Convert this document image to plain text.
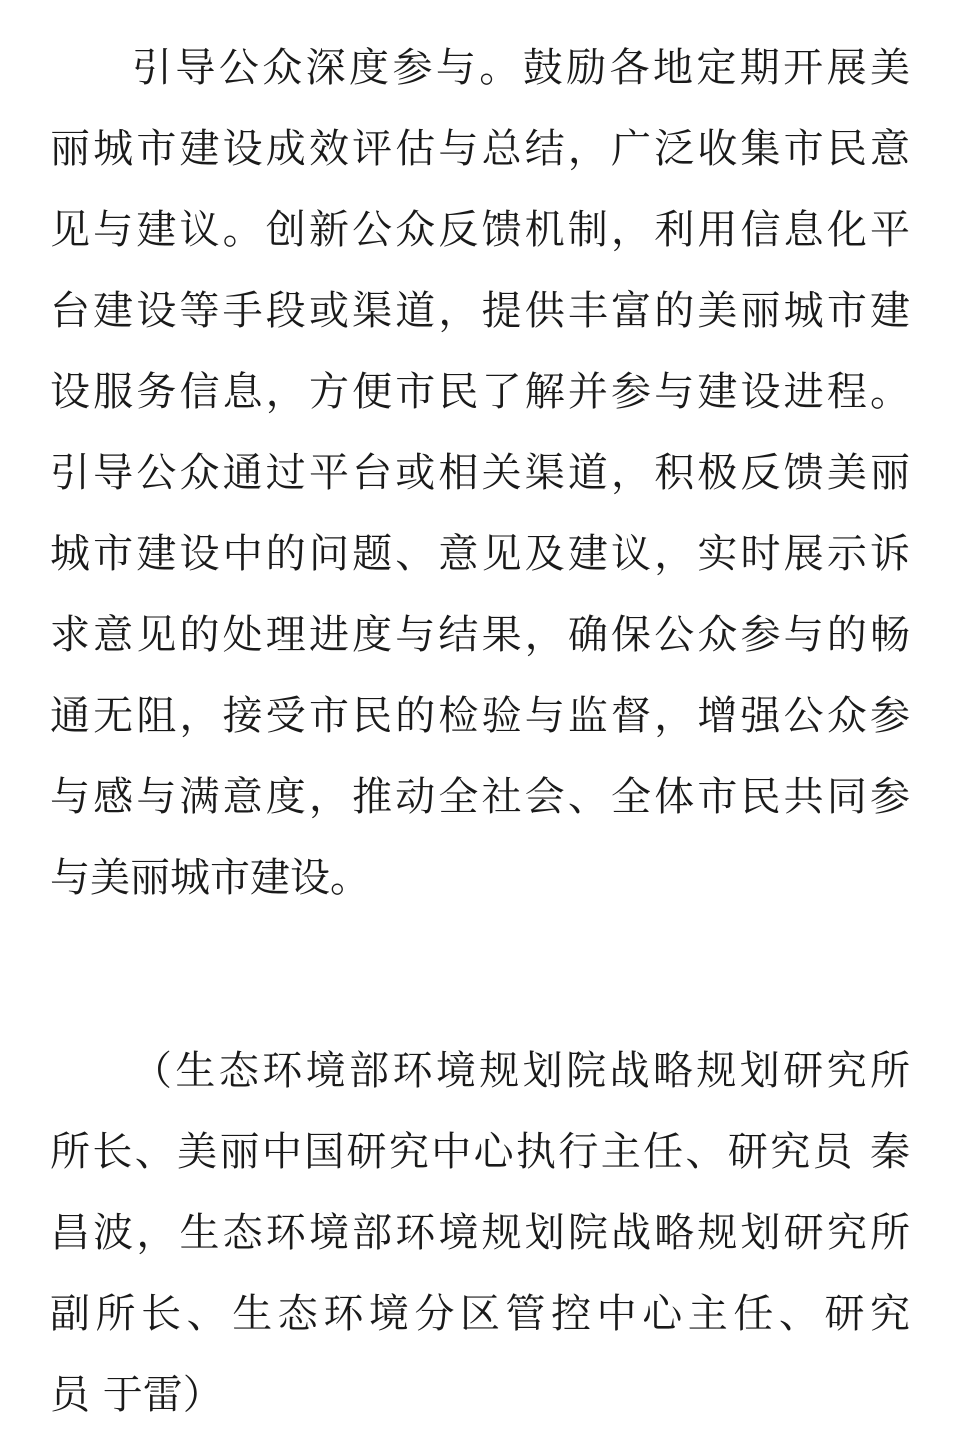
引导公众深度参与。鼓励各地定期开展美
丽城市建设成效评估与总结，广泛收集市民意
见与建议。创新公众反馈机制，利用信息化平
台建设等手段或渠道，提供丰富的美丽城市建
设服务信息，方便市民了解并参与建设进程。
引导公众通过平台或相关渠道，积极反馈美丽
城市建设中的问题、意见及建议，实时展示诉
求意见的处理进度与结果，确保公众参与的畅
通无阻，接受市民的检验与监督，增强公众参
与感与满意度，推动全社会、全体市民共同参
与美丽城市建设。
（生态环境部环境规划院战略规划研究所
所长、美丽中国研究中心执行主任、研究员 秦
昌波，生态环境部环境规划院战略规划研究所
副所长、生态环境分区管控中心主任、研究
员 于雷）
